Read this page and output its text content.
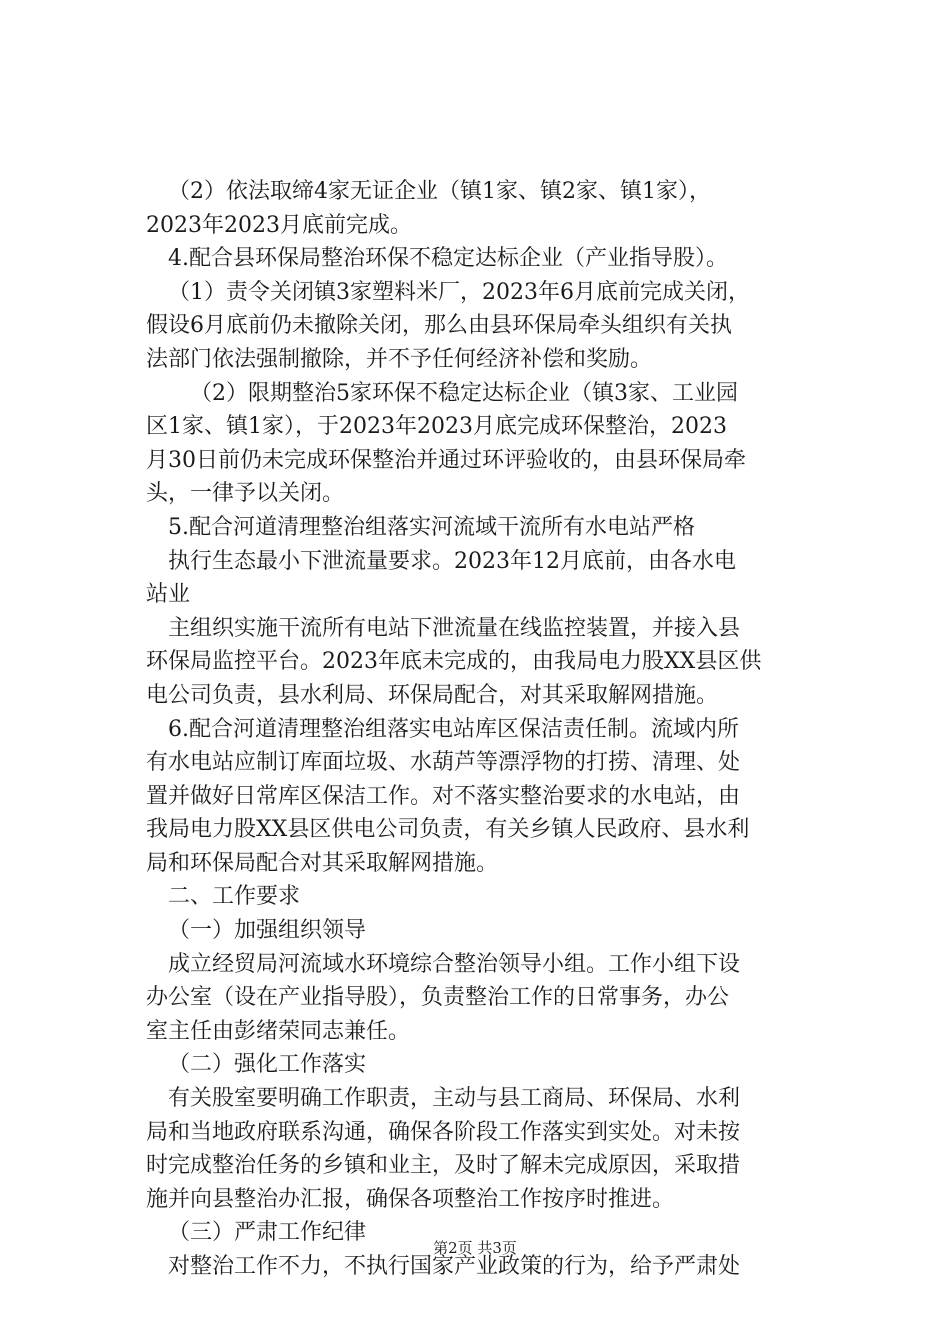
（2）依法取缔4家无证企业（镇1家、镇2家、镇1家），
2023年2023月底前完成。
4.配合县环保局整治环保不稳定达标企业（产业指导股）。
（1）责令关闭镇3家塑料米厂，2023年6月底前完成关闭，
假设6月底前仍未撤除关闭，那么由县环保局牵头组织有关执
法部门依法强制撤除，并不予任何经济补偿和奖励。
（2）限期整治5家环保不稳定达标企业（镇3家、工业园
区1家、镇1家），于2023年2023月底完成环保整治，2023
月30日前仍未完成环保整治并通过环评验收的，由县环保局牵
头，一律予以关闭。
5.配合河道清理整治组落实河流域干流所有水电站严格
执行生态最小下泄流量要求。2023年12月底前，由各水电
站业
主组织实施干流所有电站下泄流量在线监控装置，并接入县
环保局监控平台。2023年底未完成的，由我局电力股XX县区供
电公司负责，县水利局、环保局配合，对其采取解网措施。
6.配合河道清理整治组落实电站库区保洁责任制。流域内所
有水电站应制订库面垃圾、水葫芦等漂浮物的打捞、清理、处
置并做好日常库区保洁工作。对不落实整治要求的水电站，由
我局电力股XX县区供电公司负责，有关乡镇人民政府、县水利
局和环保局配合对其采取解网措施。
二、工作要求
（一）加强组织领导
成立经贸局河流域水环境综合整治领导小组。工作小组下设
办公室（设在产业指导股），负责整治工作的日常事务，办公
室主任由彭绪荣同志兼任。
（二）强化工作落实
有关股室要明确工作职责，主动与县工商局、环保局、水利
局和当地政府联系沟通，确保各阶段工作落实到实处。对未按
时完成整治任务的乡镇和业主，及时了解未完成原因，采取措
施并向县整治办汇报，确保各项整治工作按序时推进。
（三）严肃工作纪律
对整治工作不力，不执行国家产业政策的行为，给予严肃处
第2页 共3页
